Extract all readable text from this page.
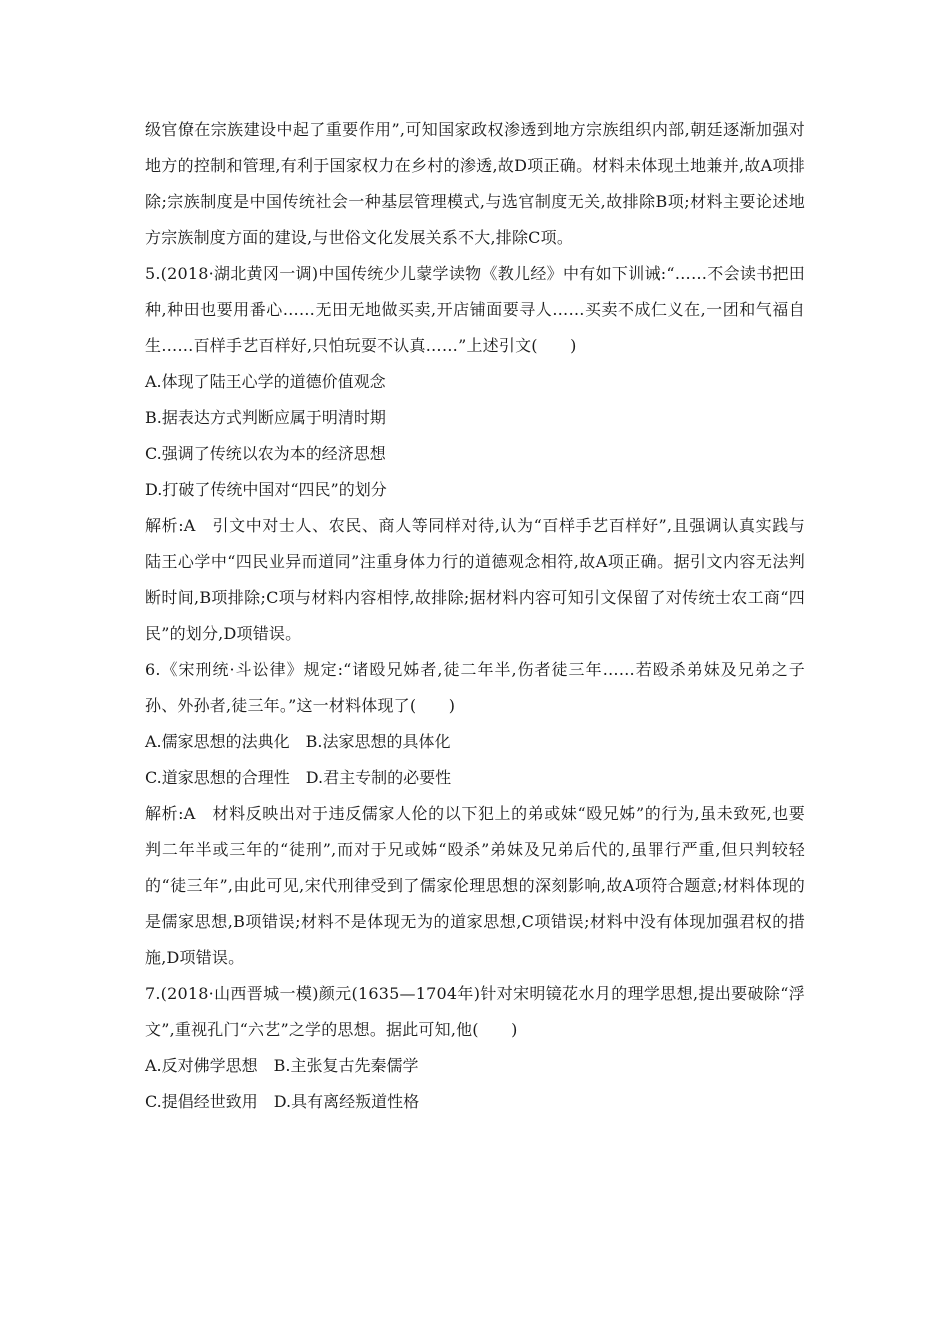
级官僚在宗族建设中起了重要作用”,可知国家政权渗透到地方宗族组织内部,朝廷逐渐加强对地方的控制和管理,有利于国家权力在乡村的渗透,故D项正确。材料未体现土地兼并,故A项排除;宗族制度是中国传统社会一种基层管理模式,与选官制度无关,故排除B项;材料主要论述地方宗族制度方面的建设,与世俗文化发展关系不大,排除C项。

5.(2018·湖北黄冈一调)中国传统少儿蒙学读物《教儿经》中有如下训诫:“……不会读书把田种,种田也要用番心……无田无地做买卖,开店铺面要寻人……买卖不成仁义在,一团和气福自生……百样手艺百样好,只怕玩耍不认真……”上述引文(　　)

A.体现了陆王心学的道德价值观念

B.据表达方式判断应属于明清时期

C.强调了传统以农为本的经济思想

D.打破了传统中国对“四民”的划分

解析:A　引文中对士人、农民、商人等同样对待,认为“百样手艺百样好”,且强调认真实践与陆王心学中“四民业异而道同”注重身体力行的道德观念相符,故A项正确。据引文内容无法判断时间,B项排除;C项与材料内容相悖,故排除;据材料内容可知引文保留了对传统士农工商“四民”的划分,D项错误。

6.《宋刑统·斗讼律》规定:“诸殴兄姊者,徒二年半,伤者徒三年……若殴杀弟妹及兄弟之子孙、外孙者,徒三年。”这一材料体现了(　　)

A.儒家思想的法典化　B.法家思想的具体化

C.道家思想的合理性　D.君主专制的必要性

解析:A　材料反映出对于违反儒家人伦的以下犯上的弟或妹“殴兄姊”的行为,虽未致死,也要判二年半或三年的“徒刑”,而对于兄或姊“殴杀”弟妹及兄弟后代的,虽罪行严重,但只判较轻的“徒三年”,由此可见,宋代刑律受到了儒家伦理思想的深刻影响,故A项符合题意;材料体现的是儒家思想,B项错误;材料不是体现无为的道家思想,C项错误;材料中没有体现加强君权的措施,D项错误。

7.(2018·山西晋城一模)颜元(1635—1704年)针对宋明镜花水月的理学思想,提出要破除“浮文”,重视孔门“六艺”之学的思想。据此可知,他(　　)

A.反对佛学思想　B.主张复古先秦儒学

C.提倡经世致用　D.具有离经叛道性格
